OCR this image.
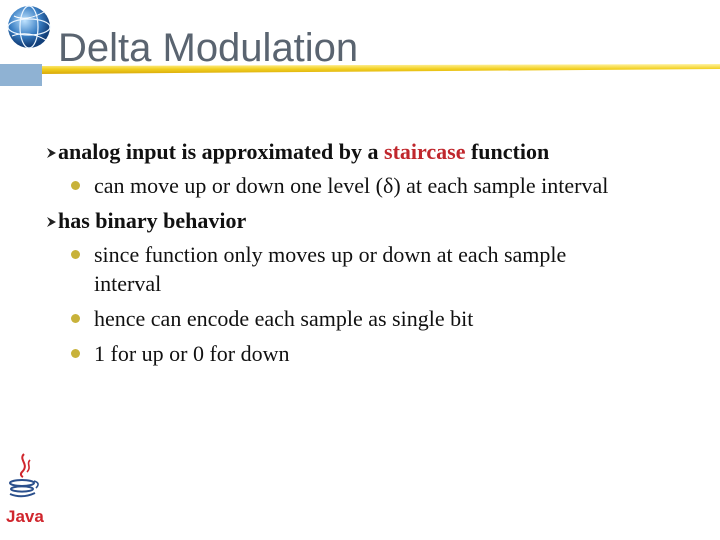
Delta Modulation
analog input is approximated by a staircase function
can move up or down one level (δ) at each sample interval
has binary behavior
since function only moves up or down at each sample interval
hence can encode each sample as single bit
1 for up or 0 for down
Java
